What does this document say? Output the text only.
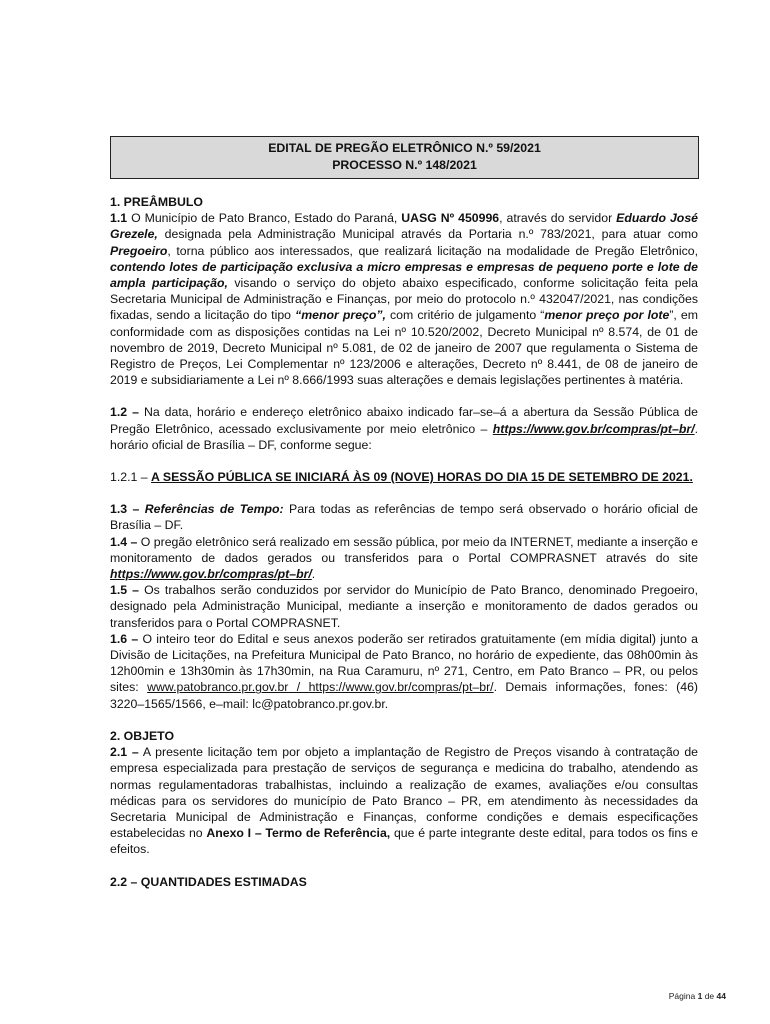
EDITAL DE PREGÃO ELETRÔNICO N.º 59/2021
PROCESSO N.º 148/2021

1. PREÂMBULO

1.1 O Município de Pato Branco, Estado do Paraná, UASG Nº 450996, através do servidor Eduardo José Grezele, designada pela Administração Municipal através da Portaria n.º 783/2021, para atuar como Pregoeiro, torna público aos interessados, que realizará licitação na modalidade de Pregão Eletrônico, contendo lotes de participação exclusiva a micro empresas e empresas de pequeno porte e lote de ampla participação, visando o serviço do objeto abaixo especificado, conforme solicitação feita pela Secretaria Municipal de Administração e Finanças, por meio do protocolo n.º 432047/2021, nas condições fixadas, sendo a licitação do tipo “menor preço”, com critério de julgamento “menor preço por lote”, em conformidade com as disposições contidas na Lei nº 10.520/2002, Decreto Municipal nº 8.574, de 01 de novembro de 2019, Decreto Municipal nº 5.081, de 02 de janeiro de 2007 que regulamenta o Sistema de Registro de Preços, Lei Complementar nº 123/2006 e alterações, Decreto nº 8.441, de 08 de janeiro de 2019 e subsidiariamente a Lei nº 8.666/1993 suas alterações e demais legislações pertinentes à matéria.

1.2 – Na data, horário e endereço eletrônico abaixo indicado far–se–á a abertura da Sessão Pública de Pregão Eletrônico, acessado exclusivamente por meio eletrônico – https://www.gov.br/compras/pt–br/. horário oficial de Brasília – DF, conforme segue:

1.2.1 – A SESSÃO PÚBLICA SE INICIARÁ ÀS 09 (NOVE) HORAS DO DIA 15 DE SETEMBRO DE 2021.

1.3 – Referências de Tempo: Para todas as referências de tempo será observado o horário oficial de Brasília – DF.

1.4 – O pregão eletrônico será realizado em sessão pública, por meio da INTERNET, mediante a inserção e monitoramento de dados gerados ou transferidos para o Portal COMPRASNET através do site https://www.gov.br/compras/pt–br/.

1.5 – Os trabalhos serão conduzidos por servidor do Município de Pato Branco, denominado Pregoeiro, designado pela Administração Municipal, mediante a inserção e monitoramento de dados gerados ou transferidos para o Portal COMPRASNET.

1.6 – O inteiro teor do Edital e seus anexos poderão ser retirados gratuitamente (em mídia digital) junto a Divisão de Licitações, na Prefeitura Municipal de Pato Branco, no horário de expediente, das 08h00min às 12h00min e 13h30min às 17h30min, na Rua Caramuru, nº 271, Centro, em Pato Branco – PR, ou pelos sites: www.patobranco.pr.gov.br / https://www.gov.br/compras/pt–br/. Demais informações, fones: (46) 3220–1565/1566, e–mail: lc@patobranco.pr.gov.br.

2. OBJETO

2.1 – A presente licitação tem por objeto a implantação de Registro de Preços visando à contratação de empresa especializada para prestação de serviços de segurança e medicina do trabalho, atendendo as normas regulamentadoras trabalhistas, incluindo a realização de exames, avaliações e/ou consultas médicas para os servidores do município de Pato Branco – PR, em atendimento às necessidades da Secretaria Municipal de Administração e Finanças, conforme condições e demais especificações estabelecidas no Anexo I – Termo de Referência, que é parte integrante deste edital, para todos os fins e efeitos.

2.2 – QUANTIDADES ESTIMADAS

Página 1 de 44
